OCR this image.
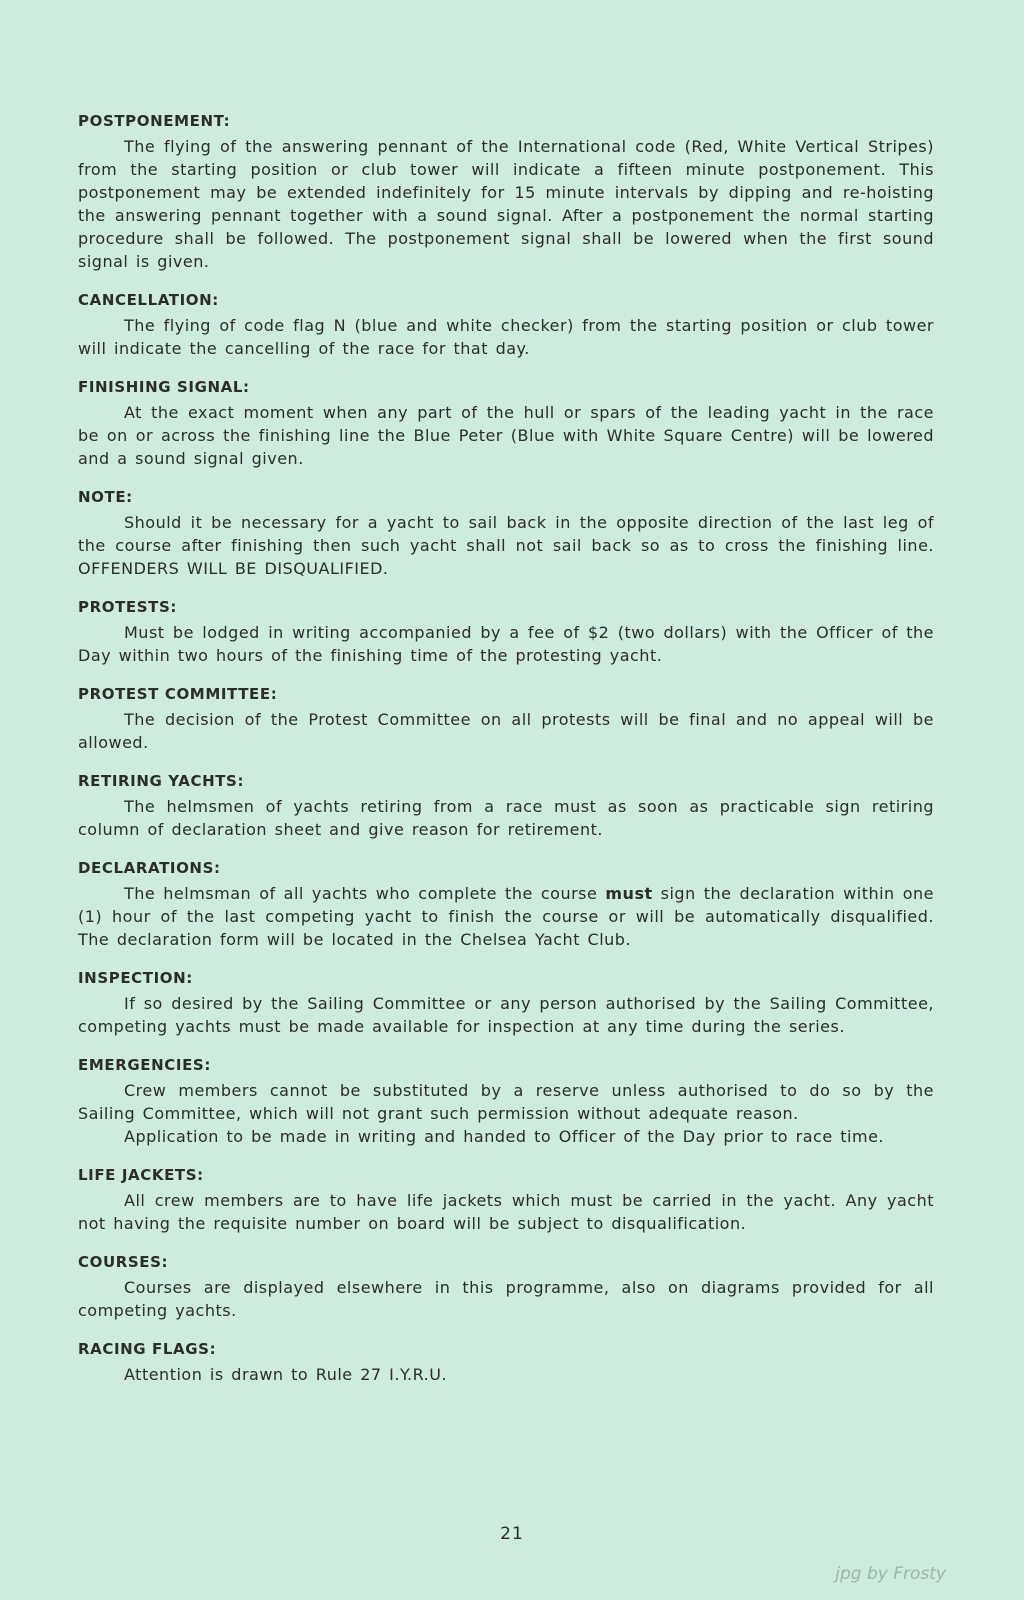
POSTPONEMENT:

The flying of the answering pennant of the International code (Red, White Vertical Stripes) from the starting position or club tower will indicate a fifteen minute postponement. This postponement may be extended indefinitely for 15 minute intervals by dipping and re-hoisting the answering pennant together with a sound signal. After a postponement the normal starting procedure shall be followed. The postponement signal shall be lowered when the first sound signal is given.

CANCELLATION:

The flying of code flag N (blue and white checker) from the starting position or club tower will indicate the cancelling of the race for that day.

FINISHING SIGNAL:

At the exact moment when any part of the hull or spars of the leading yacht in the race be on or across the finishing line the Blue Peter (Blue with White Square Centre) will be lowered and a sound signal given.

NOTE:

Should it be necessary for a yacht to sail back in the opposite direction of the last leg of the course after finishing then such yacht shall not sail back so as to cross the finishing line. OFFENDERS WILL BE DISQUALIFIED.

PROTESTS:

Must be lodged in writing accompanied by a fee of $2 (two dollars) with the Officer of the Day within two hours of the finishing time of the protesting yacht.

PROTEST COMMITTEE:

The decision of the Protest Committee on all protests will be final and no appeal will be allowed.

RETIRING YACHTS:

The helmsmen of yachts retiring from a race must as soon as practicable sign retiring column of declaration sheet and give reason for retirement.

DECLARATIONS:

The helmsman of all yachts who complete the course must sign the declaration within one (1) hour of the last competing yacht to finish the course or will be automatically disqualified. The declaration form will be located in the Chelsea Yacht Club.

INSPECTION:

If so desired by the Sailing Committee or any person authorised by the Sailing Committee, competing yachts must be made available for inspection at any time during the series.

EMERGENCIES:

Crew members cannot be substituted by a reserve unless authorised to do so by the Sailing Committee, which will not grant such permission without adequate reason.

Application to be made in writing and handed to Officer of the Day prior to race time.

LIFE JACKETS:

All crew members are to have life jackets which must be carried in the yacht. Any yacht not having the requisite number on board will be subject to disqualification.

COURSES:

Courses are displayed elsewhere in this programme, also on diagrams provided for all competing yachts.

RACING FLAGS:

Attention is drawn to Rule 27 I.Y.R.U.

21
jpg by Frosty
